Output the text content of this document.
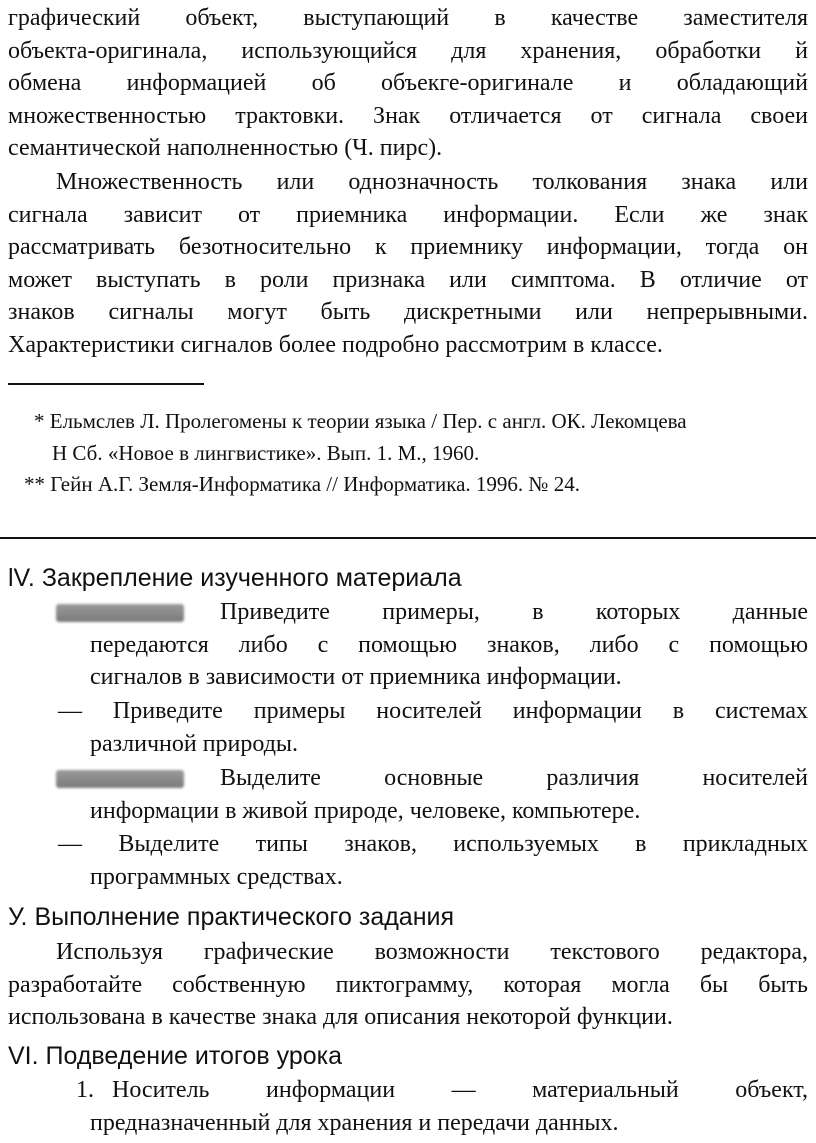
графический объект, выступающий в качестве заместителя
объекта-оригинала, использующийся для хранения, обработки й
обмена информацией об объекге-оригинале и обладающий
множественностью трактовки. Знак отличается от сигнала своеи
семантической наполненностью (Ч. пирс).
Множественность или однозначность толкования знака или
сигнала зависит от приемника информации. Если же знак
рассматривать безотносительно к приемнику информации, тогда он
может выступать в роли признака или симптома. В отличие от
знаков сигналы могут быть дискретными или непрерывными.
Характеристики сигналов более подробно рассмотрим в классе.

* Ельмслев Л. Пролегомены к теории языка / Пер. с англ. ОК. Лекомцева

Н Сб. «Новое в лингвистике». Вып. 1. М., 1960.

** Гейн А.Г. Земля-Информатика // Информатика. 1996. № 24.

lV. Закрепление изученного материала

Приведите примеры, в которых данные
передаются либо с помощью знаков, либо с помощью
сигналов в зависимости от приемника информации.
— Приведите примеры носителей информации в системах
различной природы.
Выделите основные различия носителей
информации в живой природе, человеке, компьютере.
— Выделите типы знаков, используемых в прикладных
программных средствах.

У. Выполнение практического задания

Используя графические возможности текстового редактора,
разработайте собственную пиктограмму, которая могла бы быть
использована в качестве знака для описания некоторой функции.

VI. Подведение итогов урока

1. Носитель информации — материальный объект,
предназначенный для хранения и передачи данных.
